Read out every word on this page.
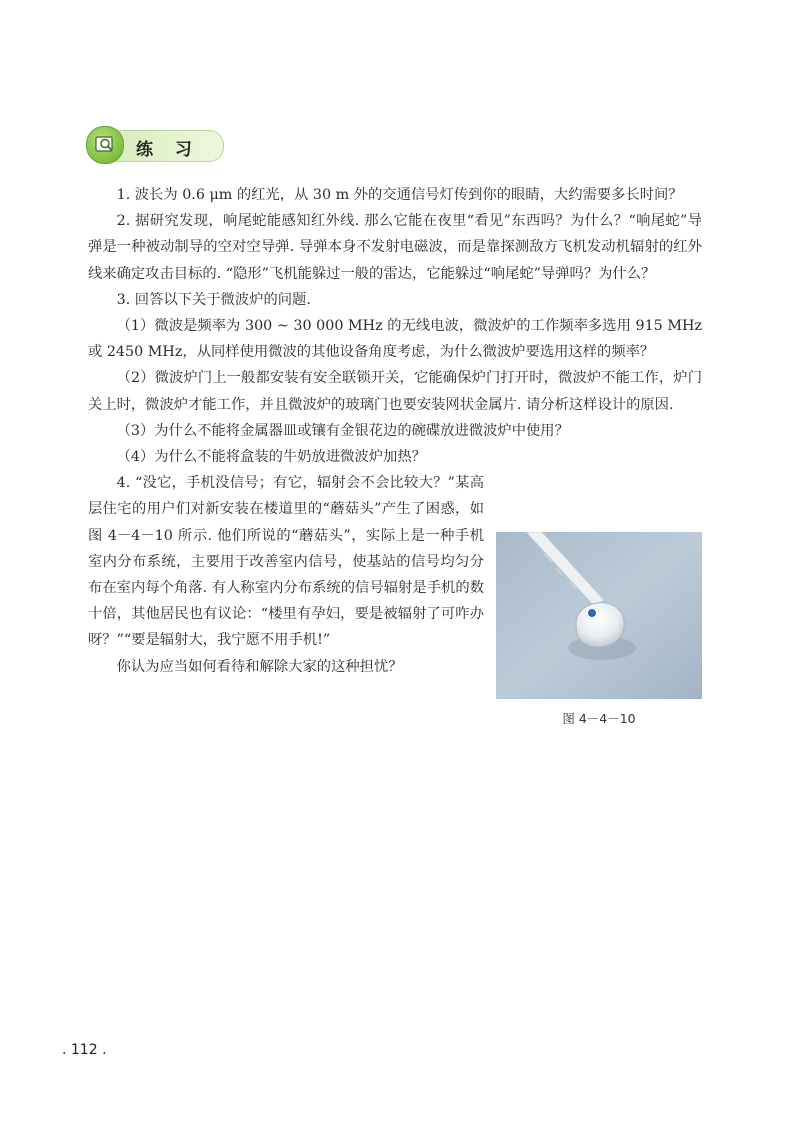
练 习

1. 波长为 0.6 μm 的红光，从 30 m 外的交通信号灯传到你的眼睛，大约需要多长时间？

2. 据研究发现，响尾蛇能感知红外线. 那么它能在夜里“看见”东西吗？为什么？“响尾蛇”导弹是一种被动制导的空对空导弹. 导弹本身不发射电磁波，而是靠探测敌方飞机发动机辐射的红外线来确定攻击目标的. “隐形”飞机能躲过一般的雷达，它能躲过“响尾蛇”导弹吗？为什么？

3. 回答以下关于微波炉的问题.

（1）微波是频率为 300 ~ 30 000 MHz 的无线电波，微波炉的工作频率多选用 915 MHz 或 2450 MHz，从同样使用微波的其他设备角度考虑，为什么微波炉要选用这样的频率？

（2）微波炉门上一般都安装有安全联锁开关，它能确保炉门打开时，微波炉不能工作，炉门关上时，微波炉才能工作，并且微波炉的玻璃门也要安装网状金属片. 请分析这样设计的原因.

（3）为什么不能将金属器皿或镶有金银花边的碗碟放进微波炉中使用？

（4）为什么不能将盒装的牛奶放进微波炉加热？

4. “没它，手机没信号；有它，辐射会不会比较大？”某高层住宅的用户们对新安装在楼道里的“蘑菇头”产生了困惑，如图 4－4－10 所示. 他们所说的“蘑菇头”，实际上是一种手机室内分布系统，主要用于改善室内信号，使基站的信号均匀分布在室内每个角落. 有人称室内分布系统的信号辐射是手机的数十倍，其他居民也有议论：“楼里有孕妇，要是被辐射了可咋办呀？”“要是辐射大，我宁愿不用手机!”

你认为应当如何看待和解除大家的这种担忧？

图 4－4－10
. 112 .
